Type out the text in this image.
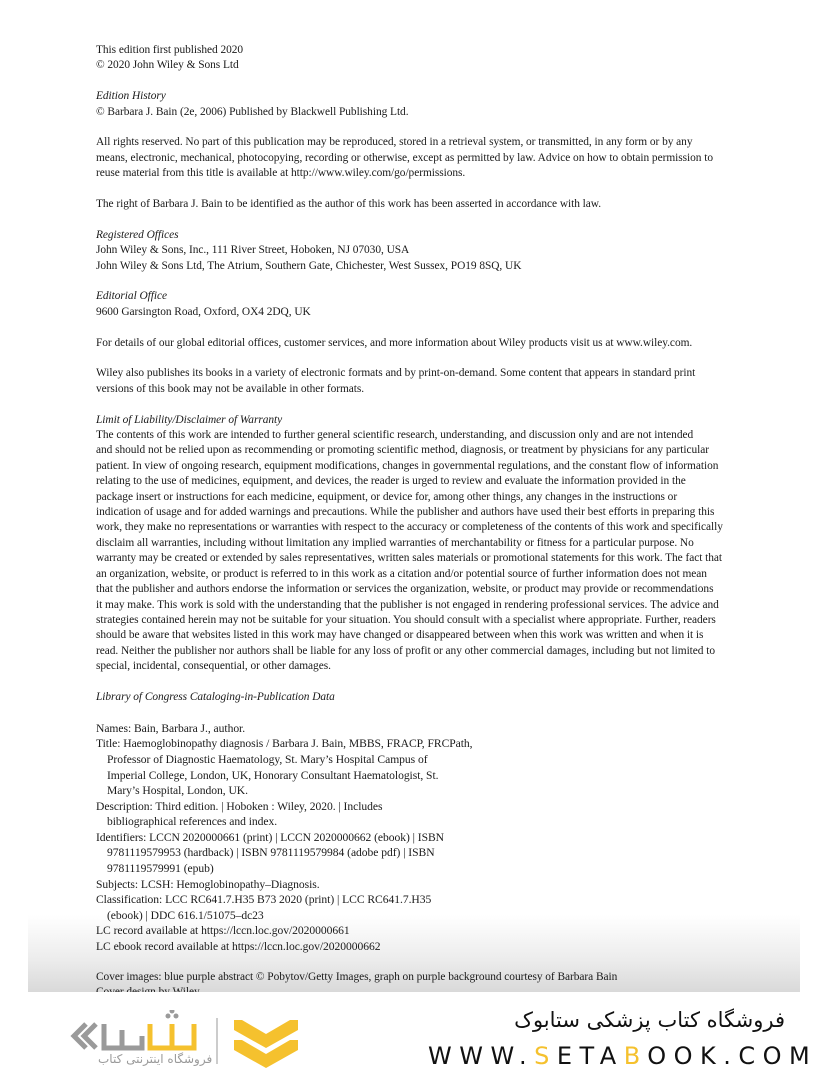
This edition first published 2020
© 2020 John Wiley & Sons Ltd
Edition History
© Barbara J. Bain (2e, 2006) Published by Blackwell Publishing Ltd.
All rights reserved. No part of this publication may be reproduced, stored in a retrieval system, or transmitted, in any form or by any
means, electronic, mechanical, photocopying, recording or otherwise, except as permitted by law. Advice on how to obtain permission to
reuse material from this title is available at http://www.wiley.com/go/permissions.
The right of Barbara J. Bain to be identified as the author of this work has been asserted in accordance with law.
Registered Offices
John Wiley & Sons, Inc., 111 River Street, Hoboken, NJ 07030, USA
John Wiley & Sons Ltd, The Atrium, Southern Gate, Chichester, West Sussex, PO19 8SQ, UK
Editorial Office
9600 Garsington Road, Oxford, OX4 2DQ, UK
For details of our global editorial offices, customer services, and more information about Wiley products visit us at www.wiley.com.
Wiley also publishes its books in a variety of electronic formats and by print-on-demand. Some content that appears in standard print
versions of this book may not be available in other formats.
Limit of Liability/Disclaimer of Warranty
The contents of this work are intended to further general scientific research, understanding, and discussion only and are not intended
and should not be relied upon as recommending or promoting scientific method, diagnosis, or treatment by physicians for any particular
patient. In view of ongoing research, equipment modifications, changes in governmental regulations, and the constant flow of information
relating to the use of medicines, equipment, and devices, the reader is urged to review and evaluate the information provided in the
package insert or instructions for each medicine, equipment, or device for, among other things, any changes in the instructions or
indication of usage and for added warnings and precautions. While the publisher and authors have used their best efforts in preparing this
work, they make no representations or warranties with respect to the accuracy or completeness of the contents of this work and specifically
disclaim all warranties, including without limitation any implied warranties of merchantability or fitness for a particular purpose. No
warranty may be created or extended by sales representatives, written sales materials or promotional statements for this work. The fact that
an organization, website, or product is referred to in this work as a citation and/or potential source of further information does not mean
that the publisher and authors endorse the information or services the organization, website, or product may provide or recommendations
it may make. This work is sold with the understanding that the publisher is not engaged in rendering professional services. The advice and
strategies contained herein may not be suitable for your situation. You should consult with a specialist where appropriate. Further, readers
should be aware that websites listed in this work may have changed or disappeared between when this work was written and when it is
read. Neither the publisher nor authors shall be liable for any loss of profit or any other commercial damages, including but not limited to
special, incidental, consequential, or other damages.
Library of Congress Cataloging-in-Publication Data
Names: Bain, Barbara J., author.
Title: Haemoglobinopathy diagnosis / Barbara J. Bain, MBBS, FRACP, FRCPath,
Professor of Diagnostic Haematology, St. Mary’s Hospital Campus of
Imperial College, London, UK, Honorary Consultant Haematologist, St.
Mary’s Hospital, London, UK.
Description: Third edition. | Hoboken : Wiley, 2020. | Includes
bibliographical references and index.
Identifiers: LCCN 2020000661 (print) | LCCN 2020000662 (ebook) | ISBN
9781119579953 (hardback) | ISBN 9781119579984 (adobe pdf) | ISBN
9781119579991 (epub)
Subjects: LCSH: Hemoglobinopathy–Diagnosis.
Classification: LCC RC641.7.H35 B73 2020 (print) | LCC RC641.7.H35
(ebook) | DDC 616.1/51075–dc23
LC record available at https://lccn.loc.gov/2020000661
LC ebook record available at https://lccn.loc.gov/2020000662
Cover images: blue purple abstract © Pobytov/Getty Images, graph on purple background courtesy of Barbara Bain
فروشگاه اینترنتی کتاب
فروشگاه کتاب پزشکی ستابوک
WWW.SETABOOK.COM
